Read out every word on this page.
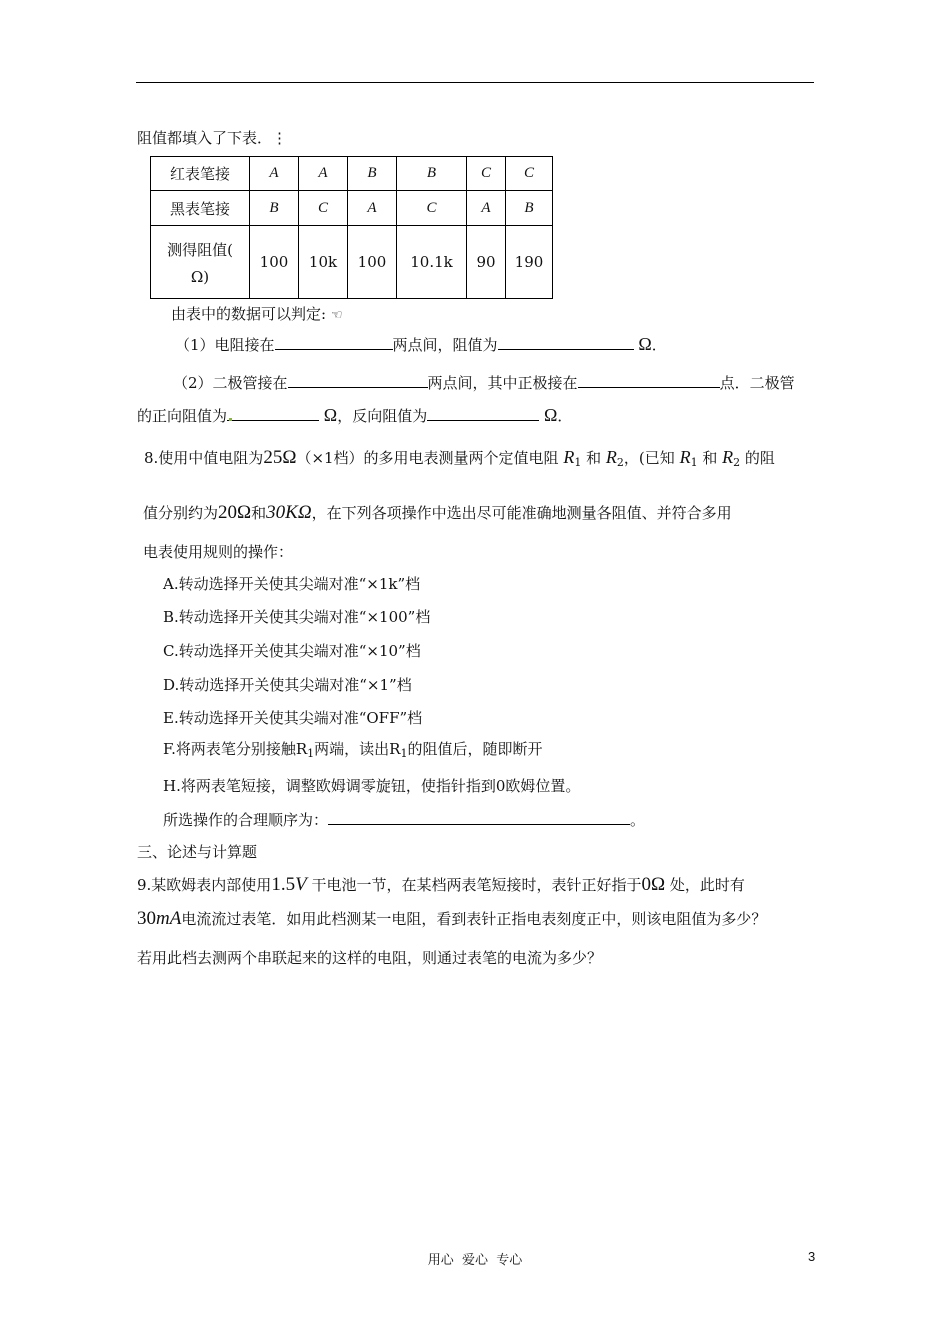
阻值都填入了下表．⋮
红表笔接	A	A	B	B	C	C
黑表笔接	B	C	A	C	A	B

测得阻值(
Ω)	100	10k	100	10.1k	90	190
由表中的数据可以判定: ☜
（1）电阻接在	两点间，阻值为	Ω．
（2）二极管接在	两点间，其中正极接在	点．二极管
的正向阻值为	Ω，反向阻值为	Ω．
8.使用中值电阻为25Ω（×1档）的多用电表测量两个定值电阻 $R_1$ 和 $R_2$，(已知 $R_1$ 和 $R_2$ 的阻
值分别约为20Ω和30KΩ，在下列各项操作中选出尽可能准确地测量各阻值、并符合多用
电表使用规则的操作：
A.转动选择开关使其尖端对准“×1k”档
B.转动选择开关使其尖端对准“×100”档
C.转动选择开关使其尖端对准“×10”档
D.转动选择开关使其尖端对准“×1”档
E.转动选择开关使其尖端对准“OFF”档
F.将两表笔分别接触$R_1$两端，读出$R_1$的阻值后，随即断开
H.将两表笔短接，调整欧姆调零旋钮，使指针指到0欧姆位置。
所选操作的合理顺序为：	。
三、论述与计算题
9.某欧姆表内部使用1.5V 干电池一节，在某档两表笔短接时，表针正好指于0Ω 处，此时有
30mA电流流过表笔．如用此档测某一电阻，看到表针正指电表刻度正中，则该电阻值为多少？
若用此档去测两个串联起来的这样的电阻，则通过表笔的电流为多少？
用心  爱心  专心	3
